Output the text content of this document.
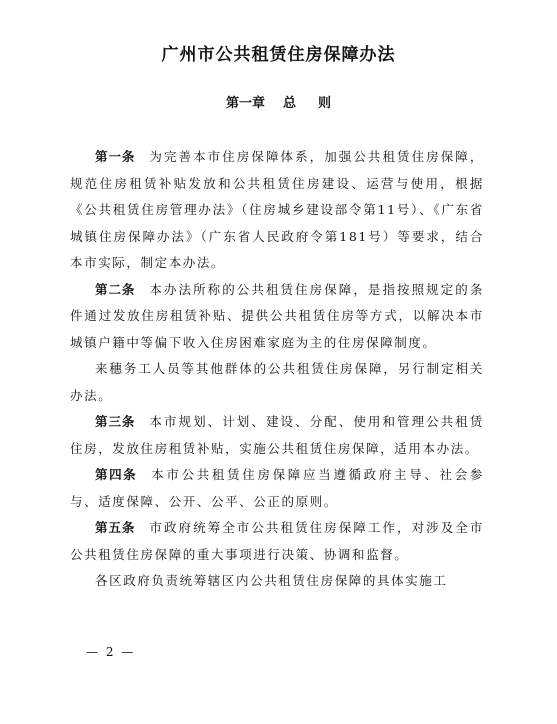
广州市公共租赁住房保障办法
第一章 总 则

第一条 为完善本市住房保障体系，加强公共租赁住房保障，规范住房租赁补贴发放和公共租赁住房建设、运营与使用，根据《公共租赁住房管理办法》（住房城乡建设部令第11号）、《广东省城镇住房保障办法》（广东省人民政府令第181号）等要求，结合本市实际，制定本办法。

第二条 本办法所称的公共租赁住房保障，是指按照规定的条件通过发放住房租赁补贴、提供公共租赁住房等方式，以解决本市城镇户籍中等偏下收入住房困难家庭为主的住房保障制度。

来穗务工人员等其他群体的公共租赁住房保障，另行制定相关办法。

第三条 本市规划、计划、建设、分配、使用和管理公共租赁住房，发放住房租赁补贴，实施公共租赁住房保障，适用本办法。

第四条 本市公共租赁住房保障应当遵循政府主导、社会参与、适度保障、公开、公平、公正的原则。

第五条 市政府统筹全市公共租赁住房保障工作，对涉及全市公共租赁住房保障的重大事项进行决策、协调和监督。

各区政府负责统筹辖区内公共租赁住房保障的具体实施工

— 2 —
